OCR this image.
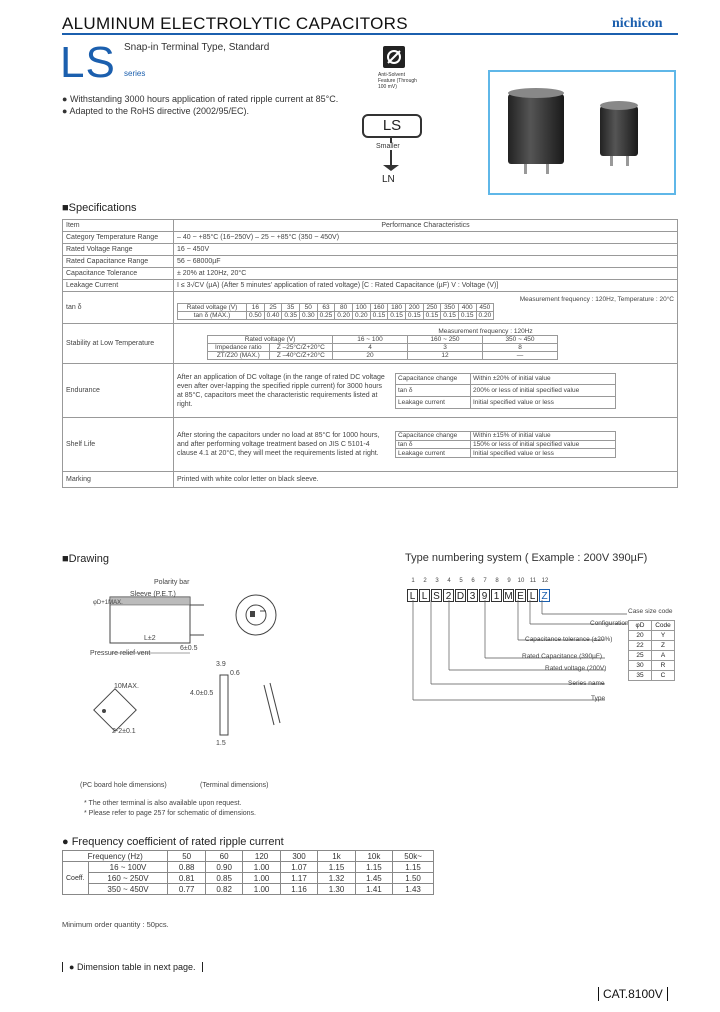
ALUMINUM ELECTROLYTIC CAPACITORS	nichicon
LS Snap-in Terminal Type, Standard
series
● Withstanding 3000 hours application of rated ripple current at 85°C.
● Adapted to the RoHS directive (2002/95/EC).
Anti-Solvent Feature (Through 100 mV)
LS
Smaller
LN
■Specifications
Item	Performance Characteristics
Category Temperature Range	– 40 ~ +85°C (16~250V) – 25 ~ +85°C (350 ~ 450V)
Rated Voltage Range	16 ~ 450V
Rated Capacitance Range	56 ~ 68000µF
Capacitance Tolerance	± 20% at 120Hz, 20°C
Leakage Current	I ≤ 3√CV (µA) (After 5 minutes' application of rated voltage) [C : Rated Capacitance (µF) V : Voltage (V)]
tan δ	
Measurement frequency : 120Hz, Temperature : 20°C
Rated voltage (V)	16	25	35	50	63	80	100	160	180	200	250	350	400	450
tan δ (MAX.)	0.50	0.40	0.35	0.30	0.25	0.20	0.20	0.15	0.15	0.15	0.15	0.15	0.15	0.20

Stability at Low Temperature	
Measurement frequency : 120Hz
Rated voltage (V)	16 ~ 100	160 ~ 250	350 ~ 450
Impedance ratio	Z –25°C/Z+20°C	4	3	8
ZT/Z20 (MAX.)	Z –40°C/Z+20°C	20	12	—

Endurance	
After an application of DC voltage (in the range of rated DC voltage even after over-lapping the specified ripple current) for 3000 hours at 85°C, capacitors meet the characteristic requirements listed at right.
Capacitance change	Within ±20% of initial value
tan δ	200% or less of initial specified value
Leakage current	Initial specified value or less

Shelf Life	
After storing the capacitors under no load at 85°C for 1000 hours, and after performing voltage treatment based on JIS C 5101-4 clause 4.1 at 20°C, they will meet the requirements listed at right.
Capacitance change	Within ±15% of initial value
tan δ	150% or less of initial specified value
Leakage current	Initial specified value or less

Marking	Printed with white color letter on black sleeve.
■Drawing
Polarity bar
Sleeve (P.E.T.)
Pressure relief vent
φD+1MAX.
L±2
6±0.5
10MAX.
2-2±0.1
3.9
0.6
4.0±0.5
1.5
(PC board hole dimensions)	(Terminal dimensions)
* The other terminal is also available upon request.
* Please refer to page 257 for schematic of dimensions.
Type numbering system ( Example : 200V 390µF)
1 2 3 4 5 6 7 8 9 10 11 12
L L S 2 D 3 9 1 M E L Z
Case size code
Configuration
Capacitance tolerance (±20%)
Rated Capacitance (390µF)
Rated voltage (200V)
Series name
Type
φD	Code
20	Y
22	Z
25	A
30	R
35	C
● Frequency coefficient of rated ripple current
Frequency (Hz)		50	60	120	300	1k	10k	50k~
Coeff.	16 ~ 100V	0.88	0.90	1.00	1.07	1.15	1.15	1.15
	160 ~ 250V	0.81	0.85	1.00	1.17	1.32	1.45	1.50
	350 ~ 450V	0.77	0.82	1.00	1.16	1.30	1.41	1.43
Minimum order quantity : 50pcs.
● Dimension table in next page.
CAT.8100V
